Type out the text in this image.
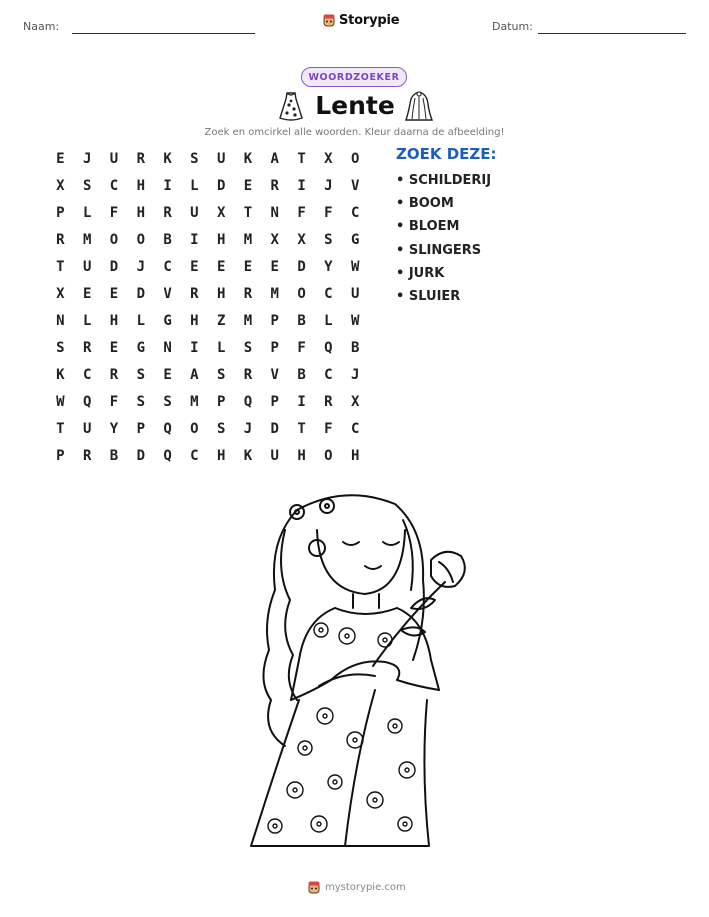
Naam:	Storypie	Datum:
WOORDZOEKER
Lente
Zoek en omcirkel alle woorden. Kleur daarna de afbeelding!
E	J	U	R	K	S	U	K	A	T	X	O
X	S	C	H	I	L	D	E	R	I	J	V
P	L	F	H	R	U	X	T	N	F	F	C
R	M	O	O	B	I	H	M	X	X	S	G
T	U	D	J	C	E	E	E	E	D	Y	W
X	E	E	D	V	R	H	R	M	O	C	U
N	L	H	L	G	H	Z	M	P	B	L	W
S	R	E	G	N	I	L	S	P	F	Q	B
K	C	R	S	E	A	S	R	V	B	C	J
W	Q	F	S	S	M	P	Q	P	I	R	X
T	U	Y	P	Q	O	S	J	D	T	F	C
P	R	B	D	Q	C	H	K	U	H	O	H
ZOEK DEZE:
• SCHILDERIJ
• BOOM
• BLOEM
• SLINGERS
• JURK
• SLUIER
mystorypie.com
